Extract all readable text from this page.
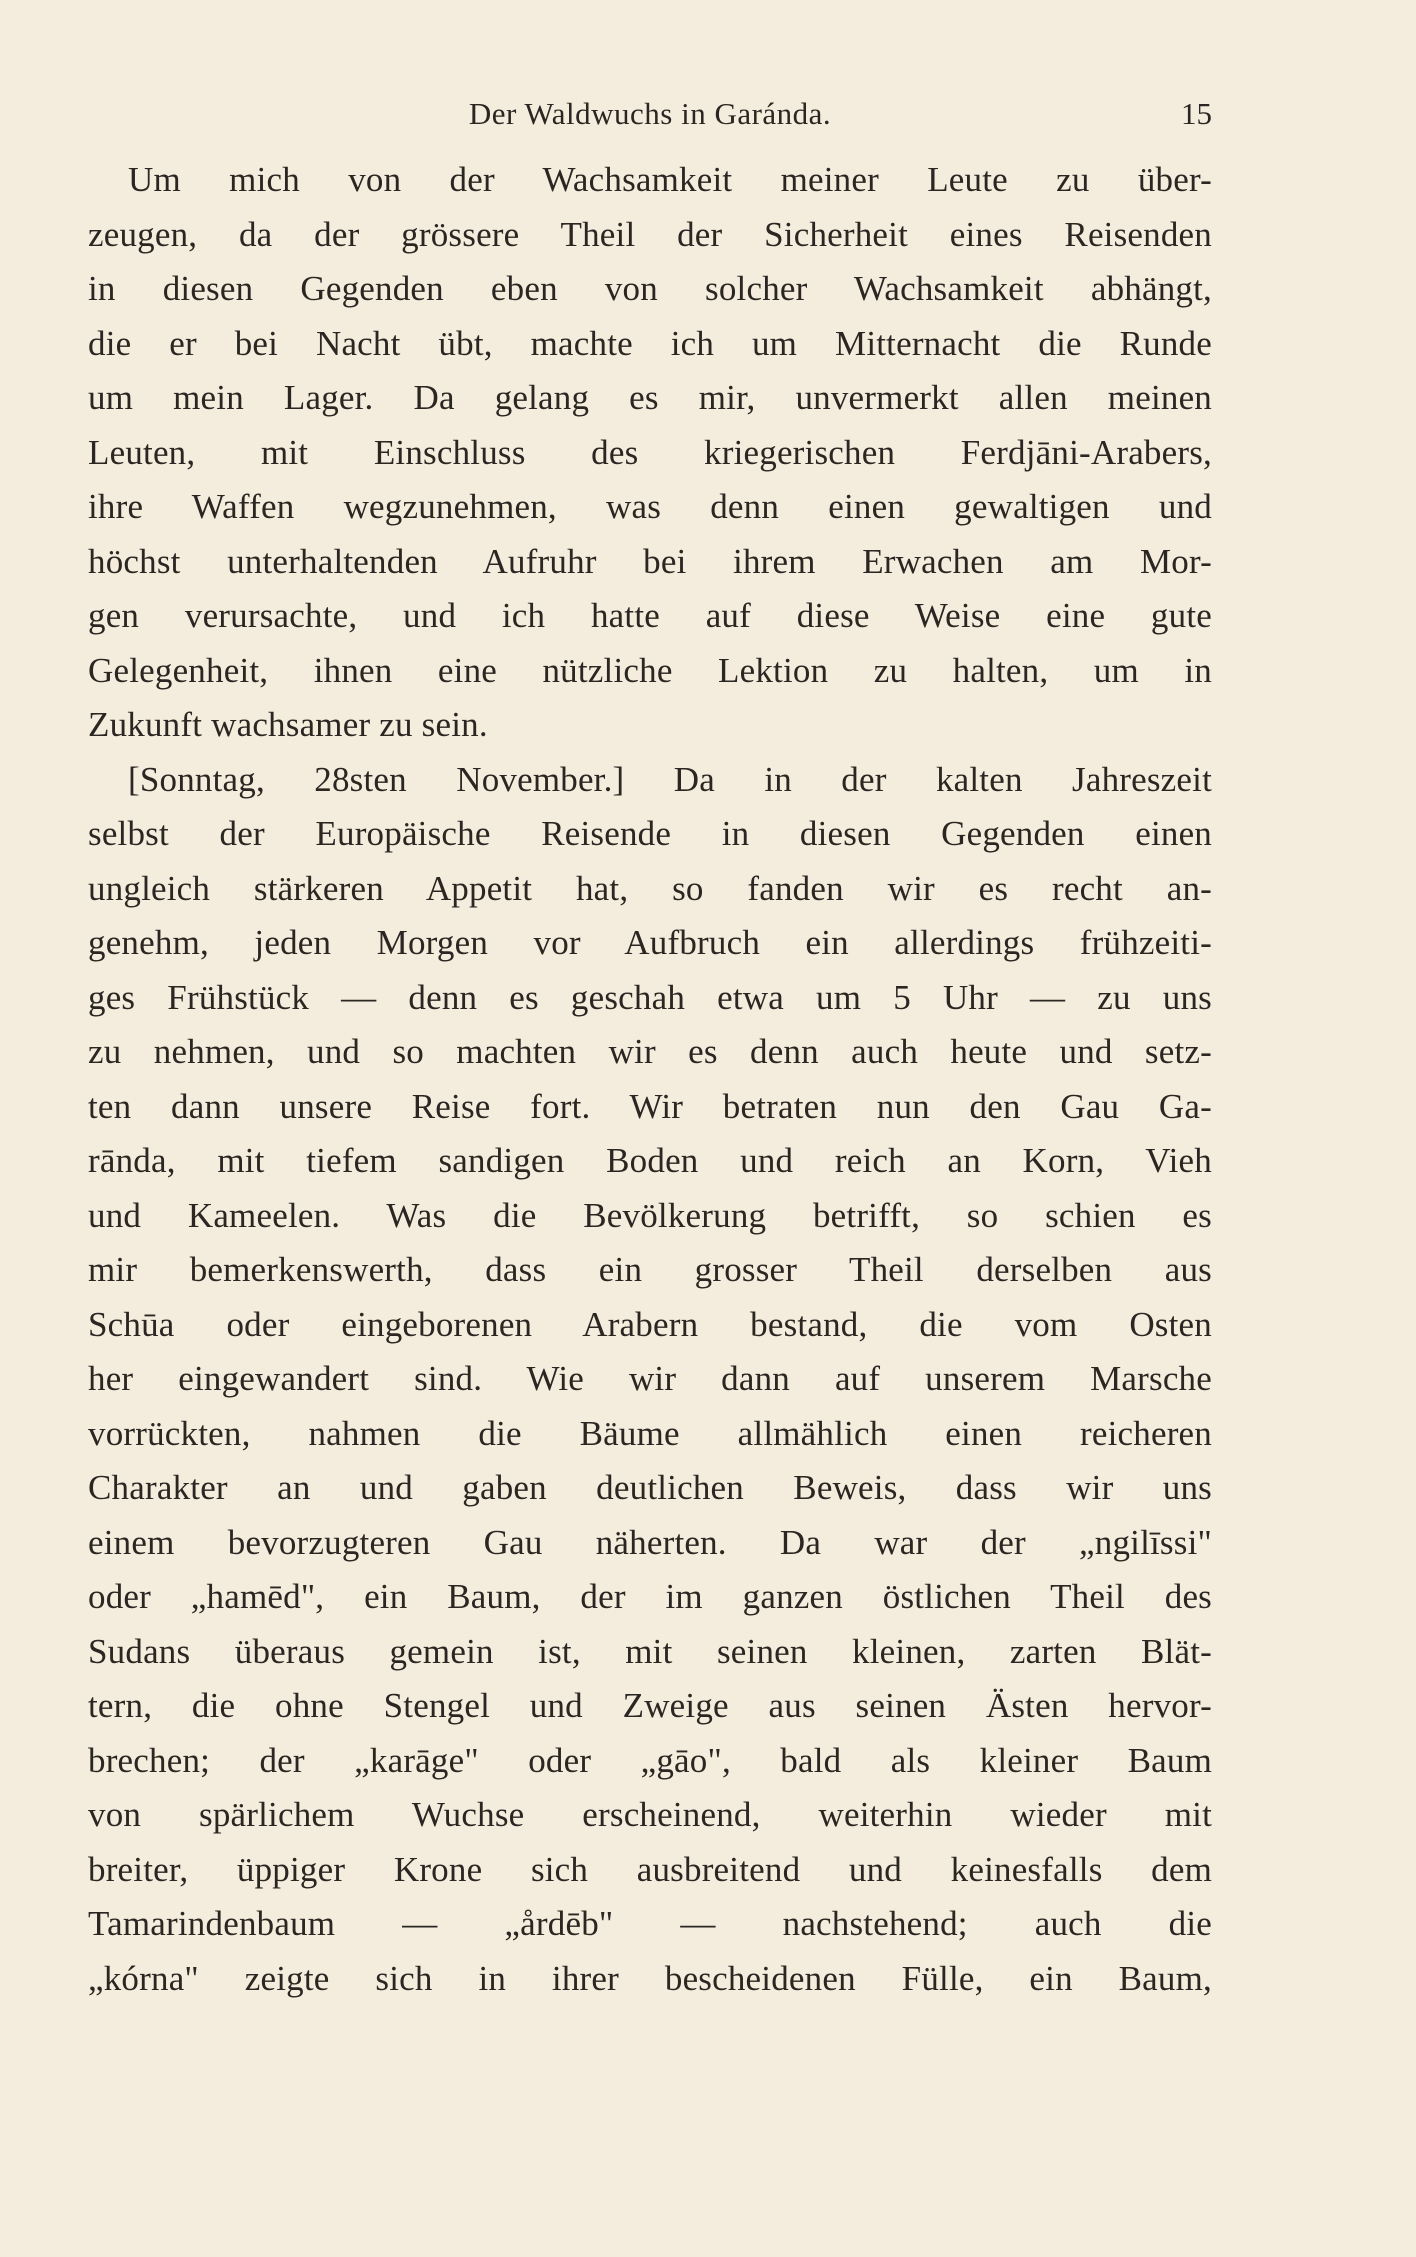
Der Waldwuchs in Garánda.	15
Um mich von der Wachsamkeit meiner Leute zu über-
zeugen, da der grössere Theil der Sicherheit eines Reisenden
in diesen Gegenden eben von solcher Wachsamkeit abhängt,
die er bei Nacht übt, machte ich um Mitternacht die Runde
um mein Lager. Da gelang es mir, unvermerkt allen meinen
Leuten, mit Einschluss des kriegerischen Ferdjāni-Arabers,
ihre Waffen wegzunehmen, was denn einen gewaltigen und
höchst unterhaltenden Aufruhr bei ihrem Erwachen am Mor-
gen verursachte, und ich hatte auf diese Weise eine gute
Gelegenheit, ihnen eine nützliche Lektion zu halten, um in
Zukunft wachsamer zu sein.
[Sonntag, 28sten November.] Da in der kalten Jahreszeit
selbst der Europäische Reisende in diesen Gegenden einen
ungleich stärkeren Appetit hat, so fanden wir es recht an-
genehm, jeden Morgen vor Aufbruch ein allerdings frühzeiti-
ges Frühstück — denn es geschah etwa um 5 Uhr — zu uns
zu nehmen, und so machten wir es denn auch heute und setz-
ten dann unsere Reise fort. Wir betraten nun den Gau Ga-
rānda, mit tiefem sandigen Boden und reich an Korn, Vieh
und Kameelen. Was die Bevölkerung betrifft, so schien es
mir bemerkenswerth, dass ein grosser Theil derselben aus
Schūa oder eingeborenen Arabern bestand, die vom Osten
her eingewandert sind. Wie wir dann auf unserem Marsche
vorrückten, nahmen die Bäume allmählich einen reicheren
Charakter an und gaben deutlichen Beweis, dass wir uns
einem bevorzugteren Gau näherten. Da war der „ngilīssi"
oder „hamēd", ein Baum, der im ganzen östlichen Theil des
Sudans überaus gemein ist, mit seinen kleinen, zarten Blät-
tern, die ohne Stengel und Zweige aus seinen Ästen hervor-
brechen; der „karāge" oder „gāo", bald als kleiner Baum
von spärlichem Wuchse erscheinend, weiterhin wieder mit
breiter, üppiger Krone sich ausbreitend und keinesfalls dem
Tamarindenbaum — „årdēb" — nachstehend; auch die
„kórna" zeigte sich in ihrer bescheidenen Fülle, ein Baum,
